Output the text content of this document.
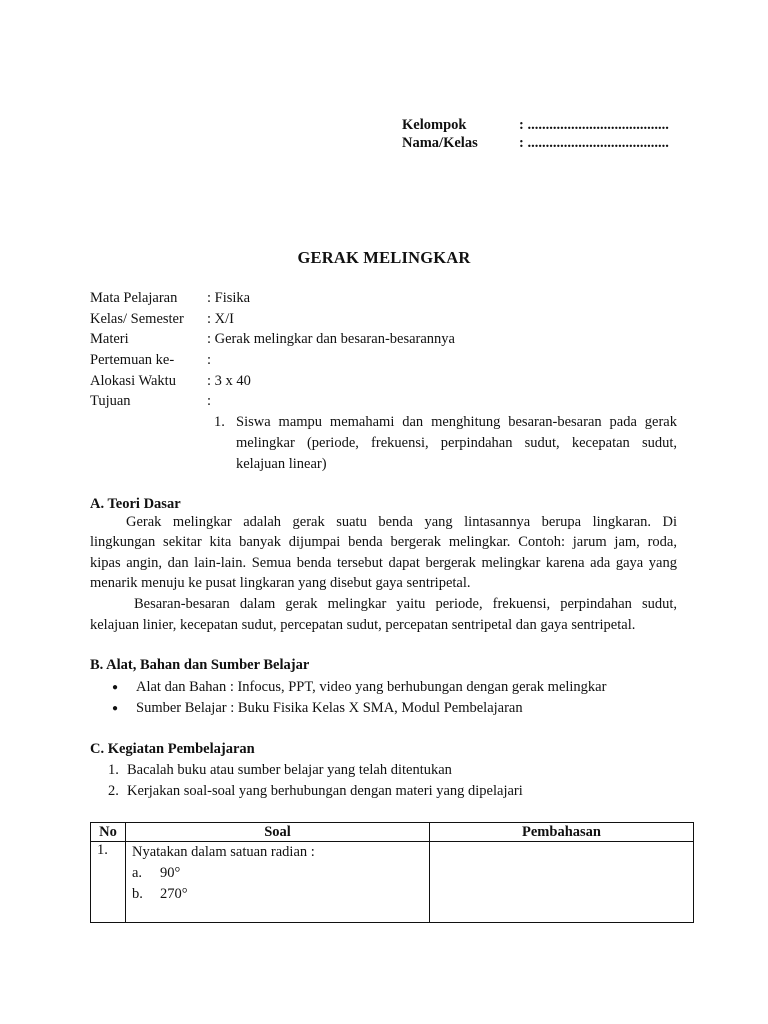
Kelompok	: .......................................
Nama/Kelas	: .......................................
GERAK MELINGKAR
Mata Pelajaran : Fisika
Kelas/ Semester : X/I
Materi	: Gerak melingkar dan besaran-besarannya
Pertemuan ke- :
Alokasi Waktu : 3 x 40
Tujuan	:
1. Siswa mampu memahami dan menghitung besaran-besaran pada gerak
melingkar (periode, frekuensi, perpindahan sudut, kecepatan sudut,
kelajuan linear)
A. Teori Dasar
Gerak melingkar adalah gerak suatu benda yang lintasannya berupa lingkaran. Di
lingkungan sekitar kita banyak dijumpai benda bergerak melingkar. Contoh: jarum jam, roda,
kipas angin, dan lain-lain. Semua benda tersebut dapat bergerak melingkar karena ada gaya yang
menarik menuju ke pusat lingkaran yang disebut gaya sentripetal.
Besaran-besaran dalam gerak melingkar yaitu periode, frekuensi, perpindahan sudut,
kelajuan linier, kecepatan sudut, percepatan sudut, percepatan sentripetal dan gaya sentripetal.
B. Alat, Bahan dan Sumber Belajar
● Alat dan Bahan : Infocus, PPT, video yang berhubungan dengan gerak melingkar
● Sumber Belajar : Buku Fisika Kelas X SMA, Modul Pembelajaran
C. Kegiatan Pembelajaran
1. Bacalah buku atau sumber belajar yang telah ditentukan
2. Kerjakan soal-soal yang berhubungan dengan materi yang dipelajari
No	Soal	Pembahasan
1.	Nyatakan dalam satuan radian :
a. 90°
b. 270°	
